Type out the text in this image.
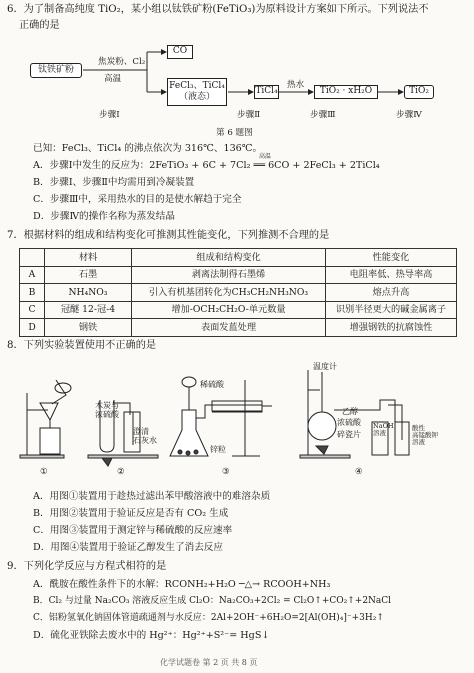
6．为了制备高纯度 TiO₂，某小组以钛铁矿粉(FeTiO₃)为原料设计方案如下所示。下列说法不
正确的是
钛铁矿粉
焦炭粉、Cl₂
高温
CO
FeCl₃、TiCl₄
（液态）
TiCl₄
热水
TiO₂ · xH₂O	TiO₂
步骤Ⅰ	步骤Ⅱ	步骤Ⅲ	步骤Ⅳ
第 6 题图
已知：FeCl₃、TiCl₄ 的沸点依次为 316℃、136℃。
A．步骤Ⅰ中发生的反应为：2FeTiO₃ + 6C + 7Cl₂ ══ 6CO + 2FeCl₃ + 2TiCl₄
高温
B．步骤Ⅰ、步骤Ⅱ中均需用到冷凝装置
C．步骤Ⅲ中，采用热水的目的是使水解趋于完全
D．步骤Ⅳ的操作名称为蒸发结晶
7．根据材料的组成和结构变化可推测其性能变化，下列推测不合理的是
	材料	组成和结构变化	性能变化
A	石墨	剥离法制得石墨烯	电阻率低、热导率高
B	NH₄NO₃	引入有机基团转化为CH₃CH₂NH₃NO₃	熔点升高
C	冠醚 12-冠-4	增加-OCH₂CH₂O-单元数量	识别半径更大的碱金属离子
D	钢铁	表面发蓝处理	增强钢铁的抗腐蚀性
8．下列实验装置使用不正确的是
木炭与
浓硫酸
澄清
石灰水
稀硫酸
锌粒
温度计
乙醇
浓硫酸
碎瓷片
NaOH
溶液
酸性
高锰酸钾
溶液
①	②	③	④
A．用图①装置用于趁热过滤出苯甲酸溶液中的难溶杂质
B．用图②装置用于验证反应是否有 CO₂ 生成
C．用图③装置用于测定锌与稀硫酸的反应速率
D．用图④装置用于验证乙醇发生了消去反应
9．下列化学反应与方程式相符的是
A．酰胺在酸性条件下的水解：RCONH₂+H₂O ─△→ RCOOH+NH₃
B．Cl₂ 与过量 Na₂CO₃ 溶液反应生成 Cl₂O：Na₂CO₃+2Cl₂ = Cl₂O↑+CO₂↑+2NaCl
C．铝粉氢氧化钠固体管道疏通剂与水反应：2Al+2OH⁻+6H₂O=2[Al(OH)₄]⁻+3H₂↑
D．硫化亚铁除去废水中的 Hg²⁺：Hg²⁺+S²⁻= HgS↓
化学试题卷 第 2 页 共 8 页
